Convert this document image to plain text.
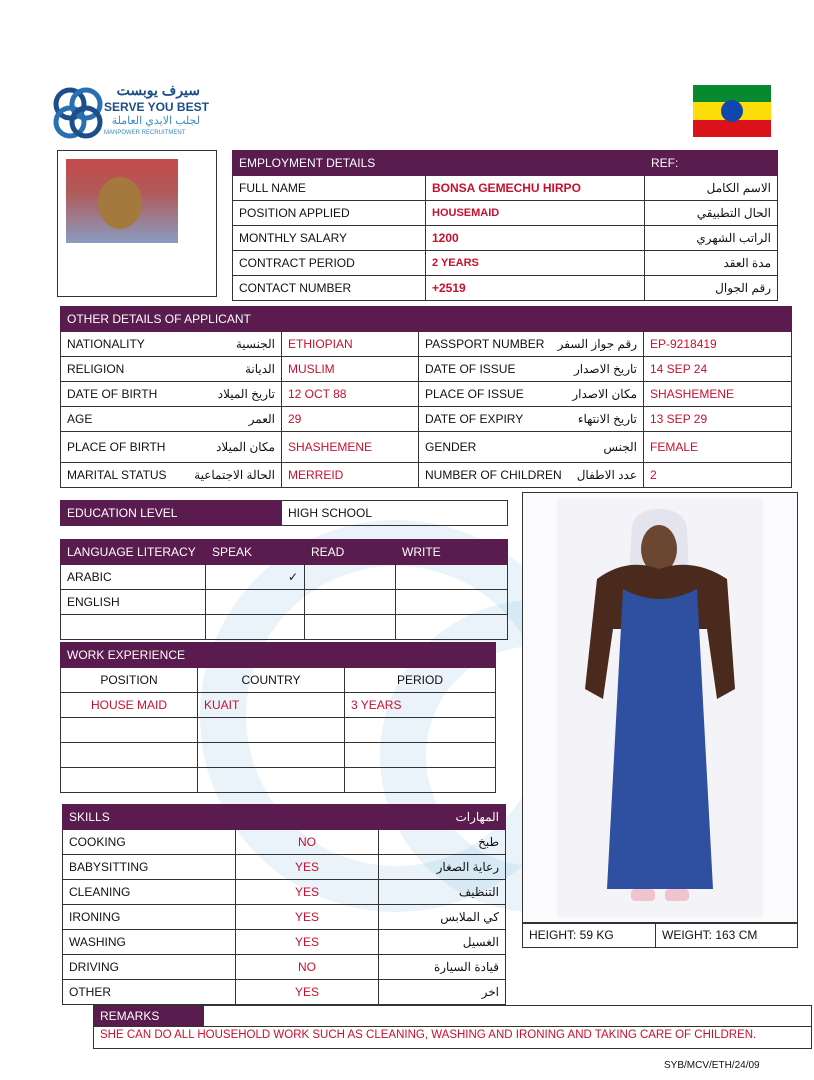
سيرف يوبست
SERVE YOU BEST
لجلب الايدي العاملة
MANPOWER RECRUITMENT
EMPLOYMENT DETAILS		REF:
FULL NAME	BONSA GEMECHU HIRPO	الاسم الكامل
POSITION APPLIED	HOUSEMAID	الحال التطبيقي
MONTHLY SALARY	1200	الراتب الشهري
CONTRACT PERIOD	2 YEARS	مدة العقد
CONTACT NUMBER	+2519	رقم الجوال
OTHER DETAILS OF APPLICANT			

NATIONALITY الجنسية	ETHIOPIAN	PASSPORT NUMBER رقم جواز السفر	EP-9218419

RELIGION الديانة	MUSLIM	DATE OF ISSUE تاريخ الاصدار	14 SEP 24

DATE OF BIRTH تاريخ الميلاد	12 OCT 88	PLACE OF ISSUE مكان الاصدار	SHASHEMENE

AGE العمر	29	DATE OF EXPIRY تاريخ الانتهاء	13 SEP 29

PLACE OF BIRTH مكان الميلاد	SHASHEMENE	GENDER الجنس	FEMALE

MARITAL STATUS الحالة الاجتماعية	MERREID	NUMBER OF CHILDREN عدد الاطفال	2
EDUCATION LEVEL	HIGH SCHOOL
LANGUAGE LITERACY	SPEAK	READ	WRITE
ARABIC	✓		
ENGLISH			

WORK EXPERIENCE		
POSITION	COUNTRY	PERIOD
HOUSE MAID	KUAIT	3 YEARS

SKILLS		المهارات
COOKING	NO	طبخ
BABYSITTING	YES	رعاية الصغار
CLEANING	YES	التنظيف
IRONING	YES	كي الملابس
WASHING	YES	الغسيل
DRIVING	NO	قيادة السيارة
OTHER	YES	اخر
HEIGHT: 59 KG	WEIGHT: 163 CM
REMARKS
SHE CAN DO ALL HOUSEHOLD WORK SUCH AS CLEANING, WASHING AND IRONING AND TAKING CARE OF CHILDREN.
SYB/MCV/ETH/24/09
